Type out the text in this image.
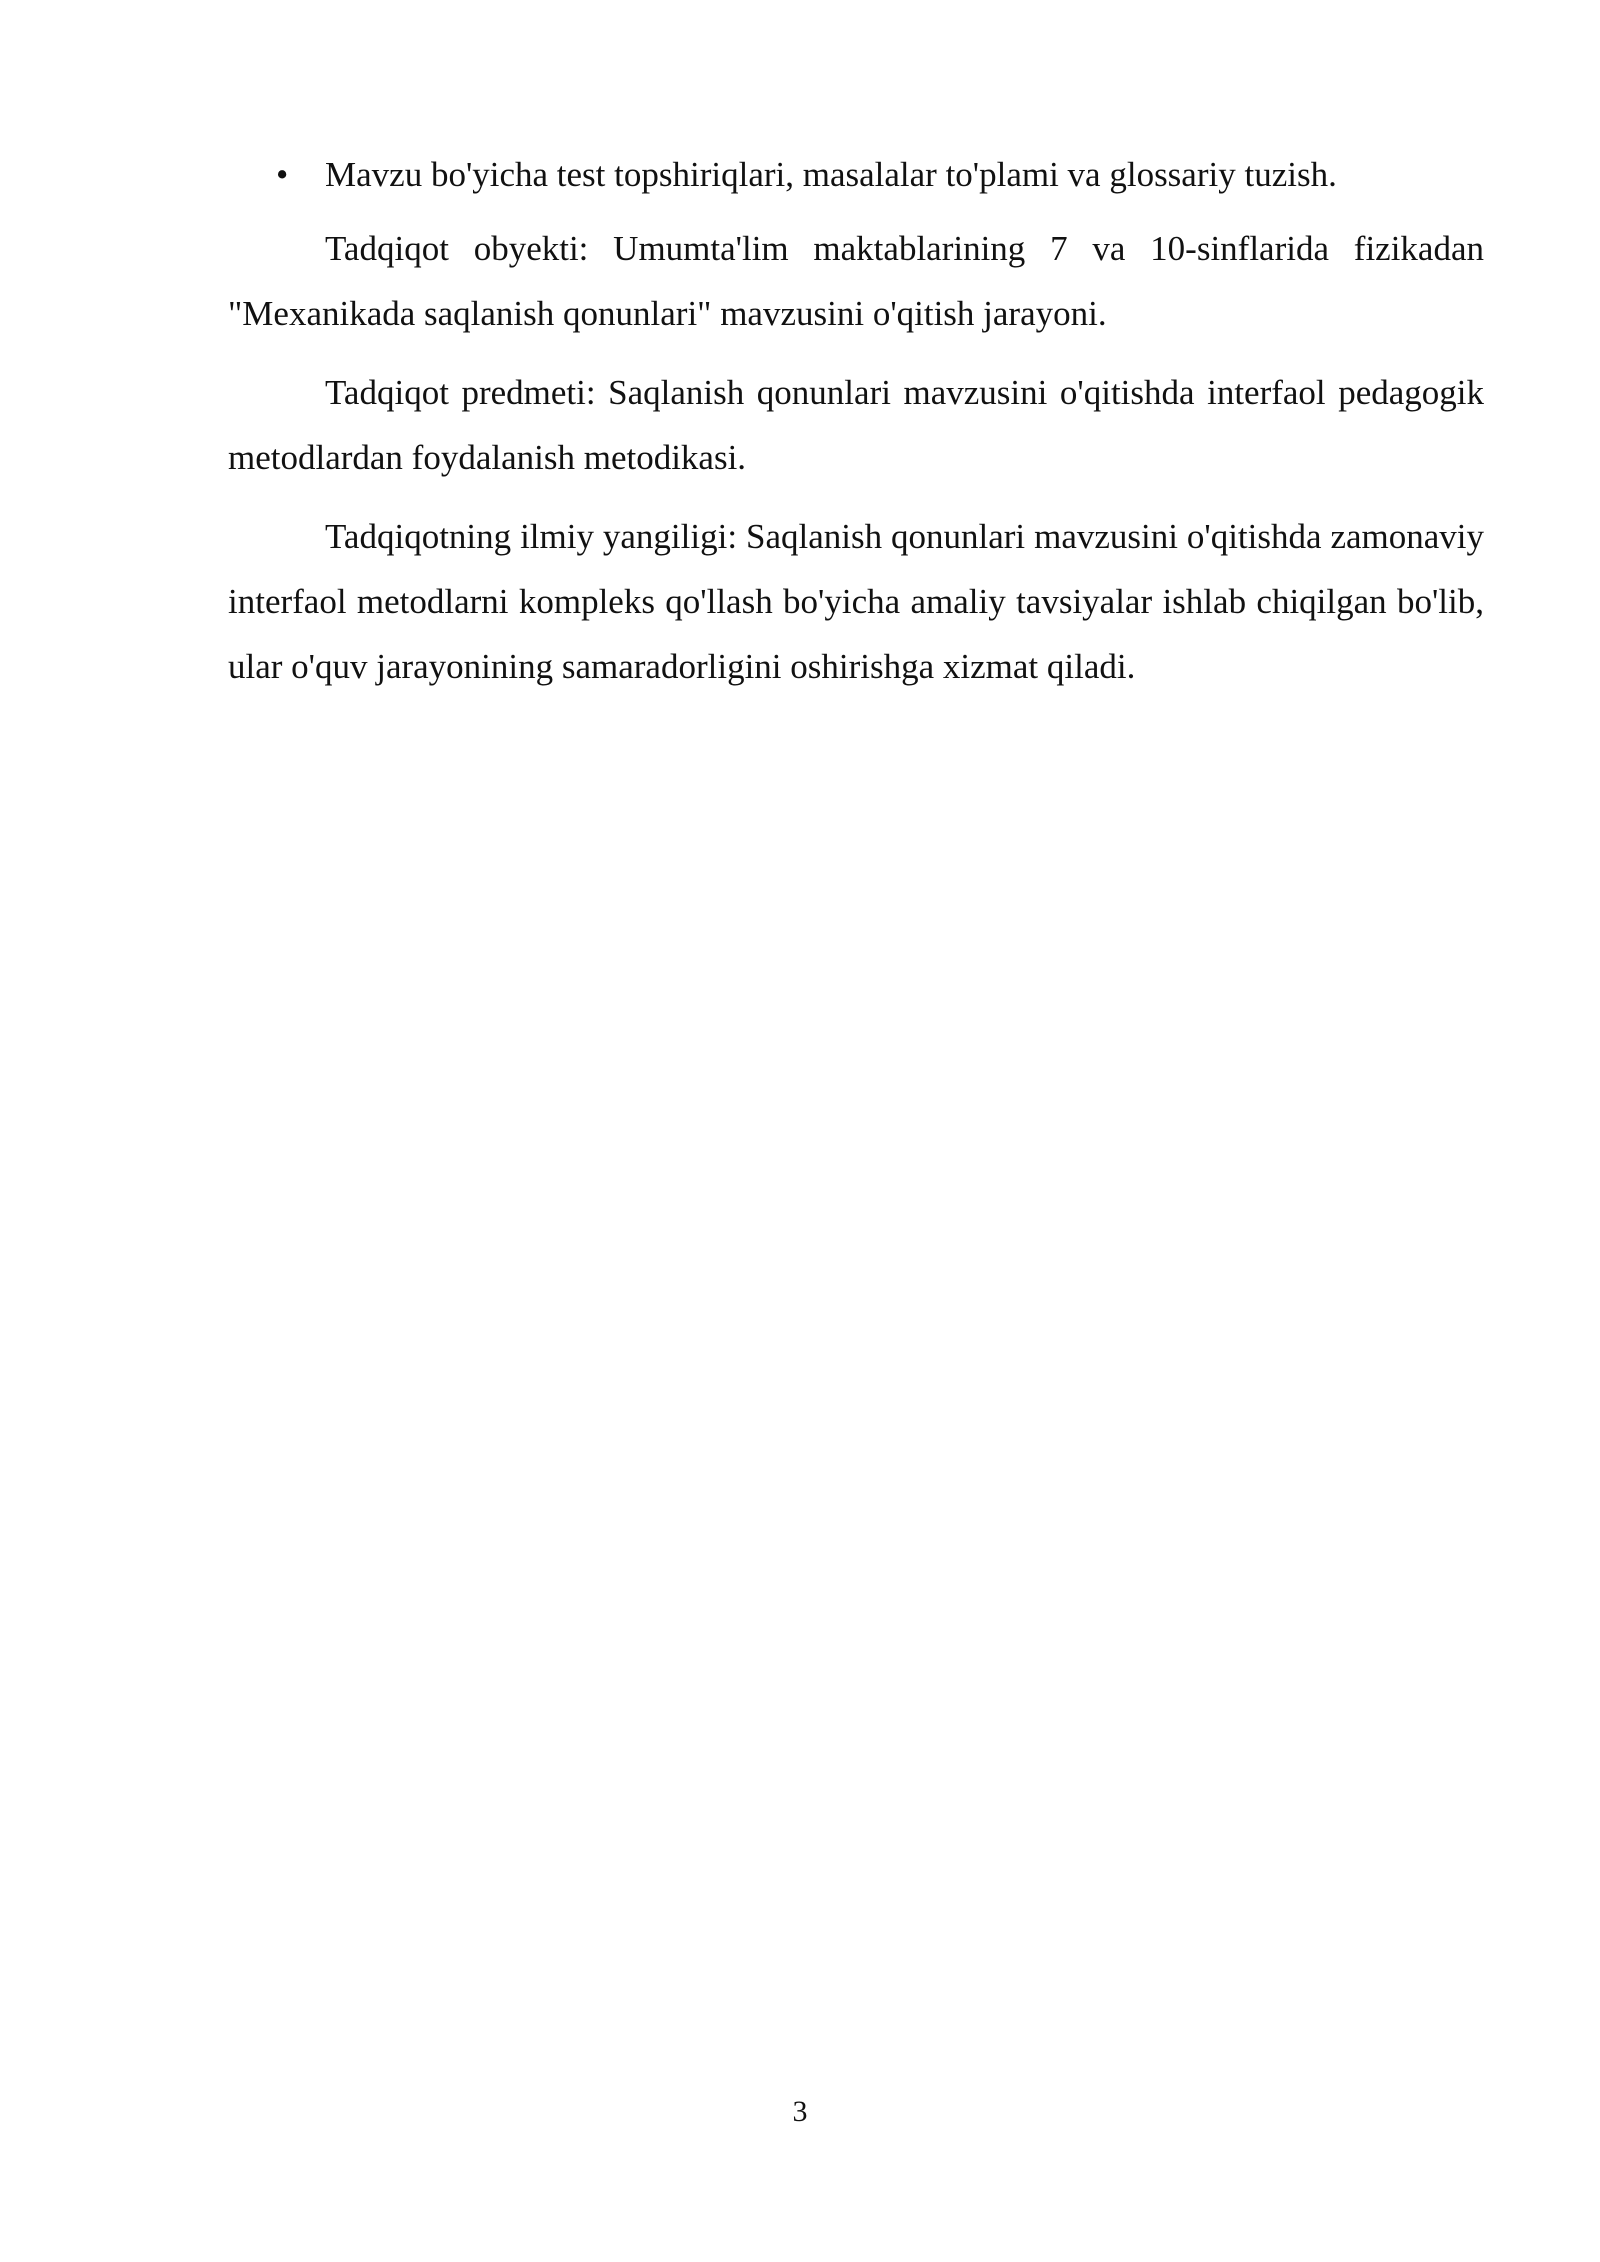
• Mavzu bo'yicha test topshiriqlari, masalalar to'plami va glossariy tuzish.

Tadqiqot obyekti: Umumta'lim maktablarining 7 va 10-sinflarida fizikadan "Mexanikada saqlanish qonunlari" mavzusini o'qitish jarayoni.

Tadqiqot predmeti: Saqlanish qonunlari mavzusini o'qitishda interfaol pedagogik metodlardan foydalanish metodikasi.

Tadqiqotning ilmiy yangiligi: Saqlanish qonunlari mavzusini o'qitishda zamonaviy interfaol metodlarni kompleks qo'llash bo'yicha amaliy tavsiyalar ishlab chiqilgan bo'lib, ular o'quv jarayonining samaradorligini oshirishga xizmat qiladi.

3
